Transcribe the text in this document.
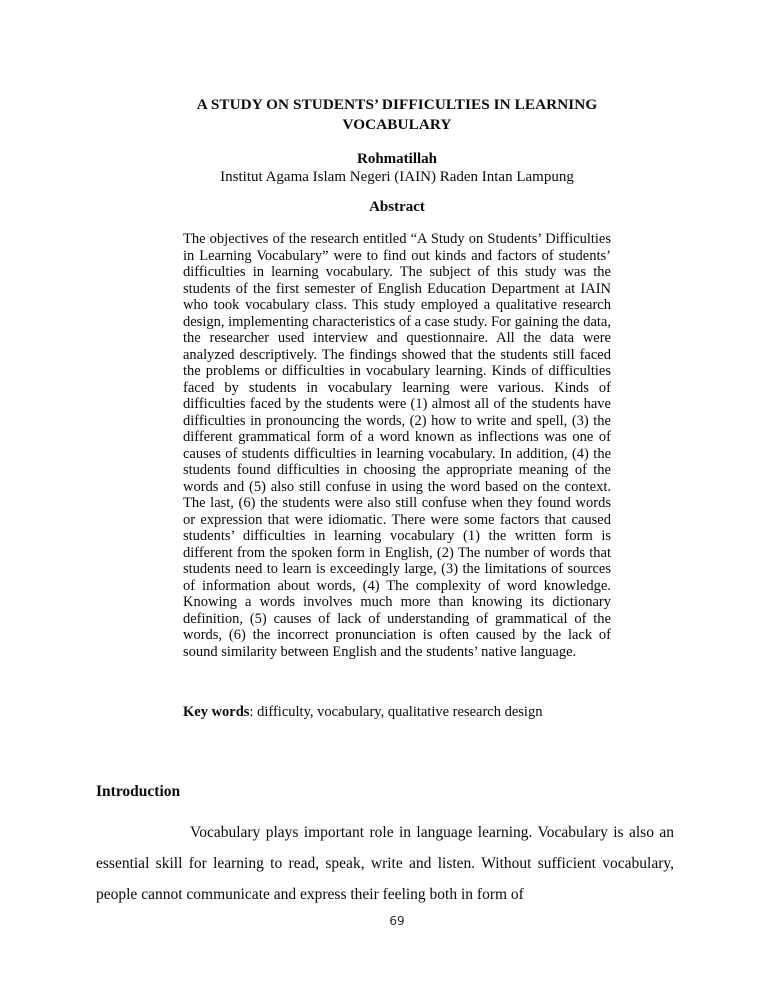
A STUDY ON STUDENTS’ DIFFICULTIES IN LEARNING VOCABULARY
Rohmatillah
Institut Agama Islam Negeri (IAIN) Raden Intan Lampung
Abstract

The objectives of the research entitled “A Study on Students’ Difficulties in Learning Vocabulary” were to find out kinds and factors of students’ difficulties in learning vocabulary. The subject of this study was the students of the first semester of English Education Department at IAIN who took vocabulary class. This study employed a qualitative research design, implementing characteristics of a case study. For gaining the data, the researcher used interview and questionnaire. All the data were analyzed descriptively. The findings showed that the students still faced the problems or difficulties in vocabulary learning. Kinds of difficulties faced by students in vocabulary learning were various. Kinds of difficulties faced by the students were (1) almost all of the students have difficulties in pronouncing the words, (2) how to write and spell, (3) the different grammatical form of a word known as inflections was one of causes of students difficulties in learning vocabulary. In addition, (4) the students found difficulties in choosing the appropriate meaning of the words and (5) also still confuse in using the word based on the context. The last, (6) the students were also still confuse when they found words or expression that were idiomatic. There were some factors that caused students’ difficulties in learning vocabulary (1) the written form is different from the spoken form in English, (2) The number of words that students need to learn is exceedingly large, (3) the limitations of sources of information about words, (4) The complexity of word knowledge. Knowing a words involves much more than knowing its dictionary definition, (5) causes of lack of understanding of grammatical of the words, (6) the incorrect pronunciation is often caused by the lack of sound similarity between English and the students’ native language.

Key words: difficulty, vocabulary, qualitative research design

Introduction

Vocabulary plays important role in language learning. Vocabulary is also an essential skill for learning to read, speak, write and listen. Without sufficient vocabulary, people cannot communicate and express their feeling both in form of

69
